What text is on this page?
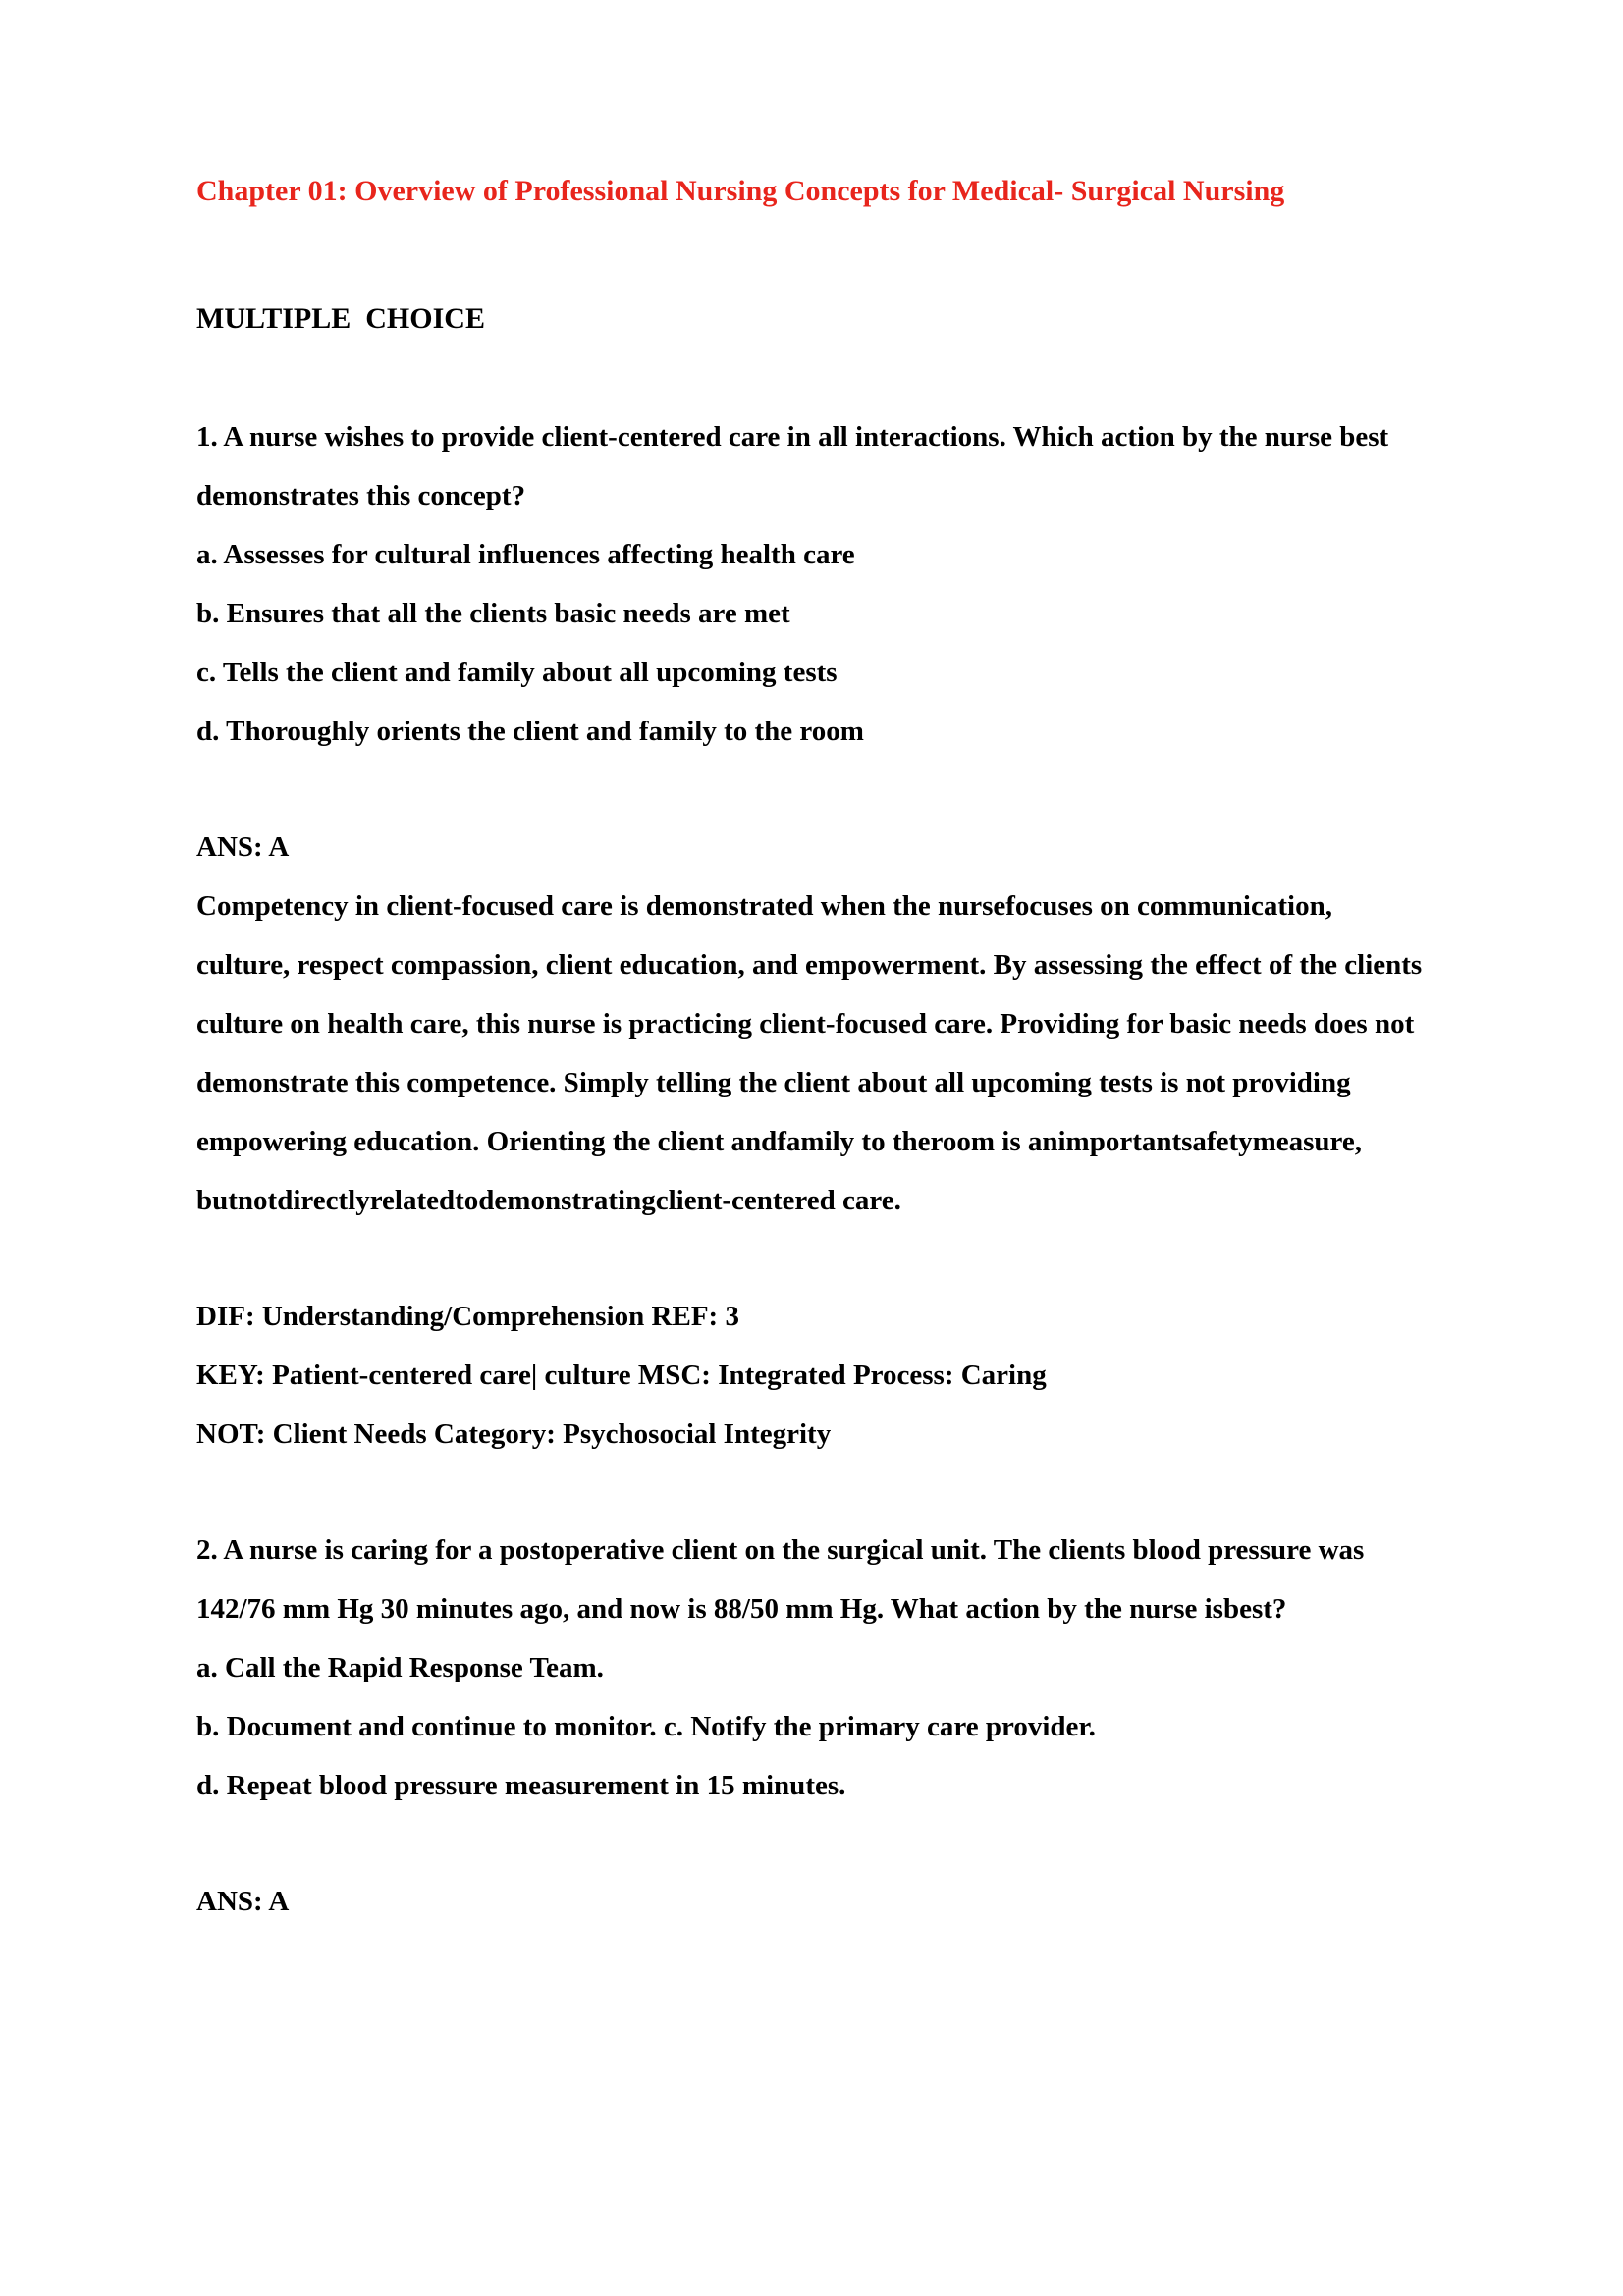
Chapter 01: Overview of Professional Nursing Concepts for Medical- Surgical Nursing

MULTIPLE  CHOICE

1. A nurse wishes to provide client-centered care in all interactions. Which action by the nurse best demonstrates this concept?

a. Assesses for cultural influences affecting health care

b. Ensures that all the clients basic needs are met

c. Tells the client and family about all upcoming tests

d. Thoroughly orients the client and family to the room

ANS: A

Competency in client-focused care is demonstrated when the nursefocuses on communication, culture, respect compassion, client education, and empowerment. By assessing the effect of the clients culture on health care, this nurse is practicing client-focused care. Providing for basic needs does not demonstrate this competence. Simply telling the client about all upcoming tests is not providing empowering education. Orienting the client andfamily to theroom is animportantsafetymeasure, butnotdirectlyrelatedtodemonstratingclient-centered care.

DIF: Understanding/Comprehension REF: 3

KEY: Patient-centered care| culture MSC: Integrated Process: Caring

NOT: Client Needs Category: Psychosocial Integrity

2. A nurse is caring for a postoperative client on the surgical unit. The clients blood pressure was 142/76 mm Hg 30 minutes ago, and now is 88/50 mm Hg. What action by the nurse isbest?

a. Call the Rapid Response Team.

b. Document and continue to monitor. c. Notify the primary care provider.

d. Repeat blood pressure measurement in 15 minutes.

ANS: A
